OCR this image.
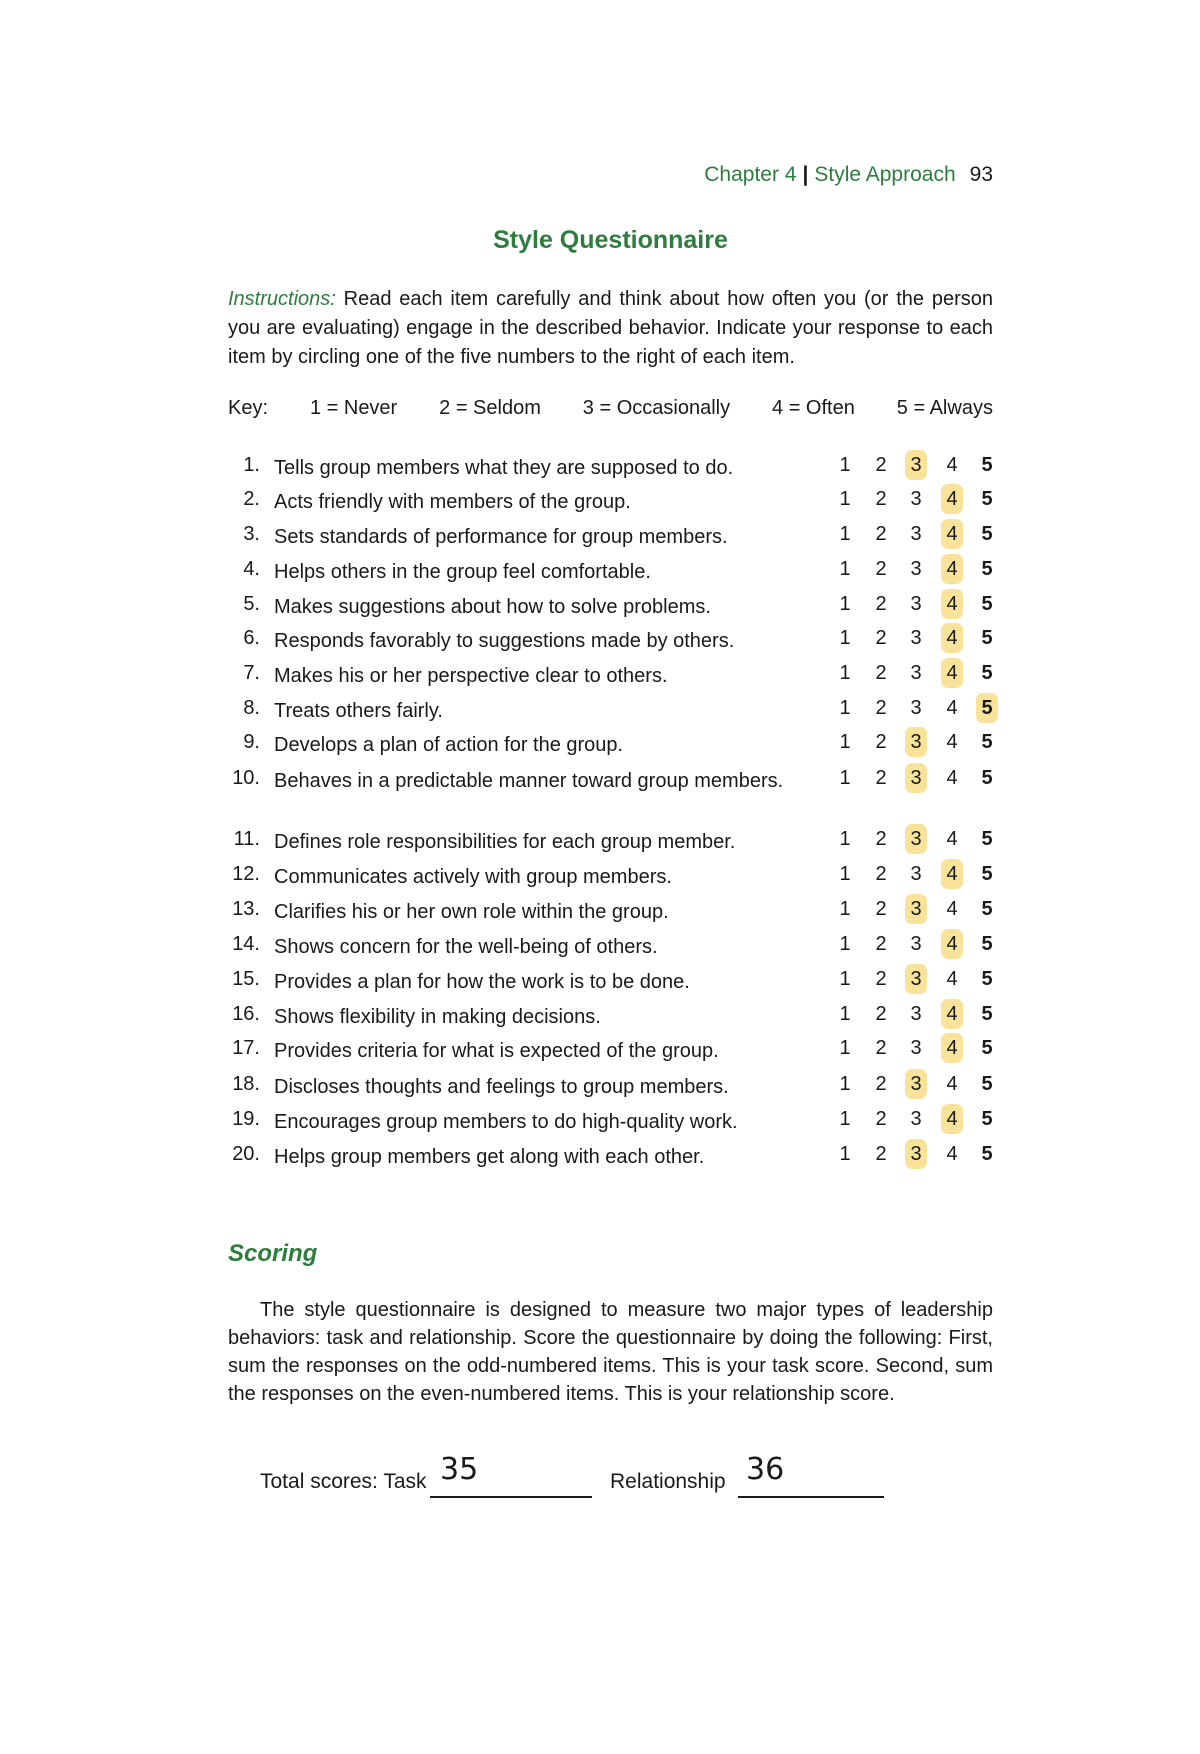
Chapter 4 | Style Approach 93
Style Questionnaire
Instructions: Read each item carefully and think about how often you (or the person you are evaluating) engage in the described behavior. Indicate your response to each item by circling one of the five numbers to the right of each item.
Key: 1 = Never 2 = Seldom 3 = Occasionally 4 = Often 5 = Always
1. Tells group members what they are supposed to do.	1 2 3 4 5
2. Acts friendly with members of the group.	1 2 3 4 5
3. Sets standards of performance for group members.	1 2 3 4 5
4. Helps others in the group feel comfortable.	1 2 3 4 5
5. Makes suggestions about how to solve problems.	1 2 3 4 5
6. Responds favorably to suggestions made by others.	1 2 3 4 5
7. Makes his or her perspective clear to others.	1 2 3 4 5
8. Treats others fairly.	1 2 3 4 5
9. Develops a plan of action for the group.	1 2 3 4 5
10. Behaves in a predictable manner toward group members.	1 2 3 4 5
11. Defines role responsibilities for each group member.	1 2 3 4 5
12. Communicates actively with group members.	1 2 3 4 5
13. Clarifies his or her own role within the group.	1 2 3 4 5
14. Shows concern for the well-being of others.	1 2 3 4 5
15. Provides a plan for how the work is to be done.	1 2 3 4 5
16. Shows flexibility in making decisions.	1 2 3 4 5
17. Provides criteria for what is expected of the group.	1 2 3 4 5
18. Discloses thoughts and feelings to group members.	1 2 3 4 5
19. Encourages group members to do high-quality work.	1 2 3 4 5
20. Helps group members get along with each other.	1 2 3 4 5
Scoring
The style questionnaire is designed to measure two major types of leadership behaviors: task and relationship. Score the questionnaire by doing the following: First, sum the responses on the odd-numbered items. This is your task score. Second, sum the responses on the even-numbered items. This is your relationship score.
Total scores: Task 35	Relationship 36
